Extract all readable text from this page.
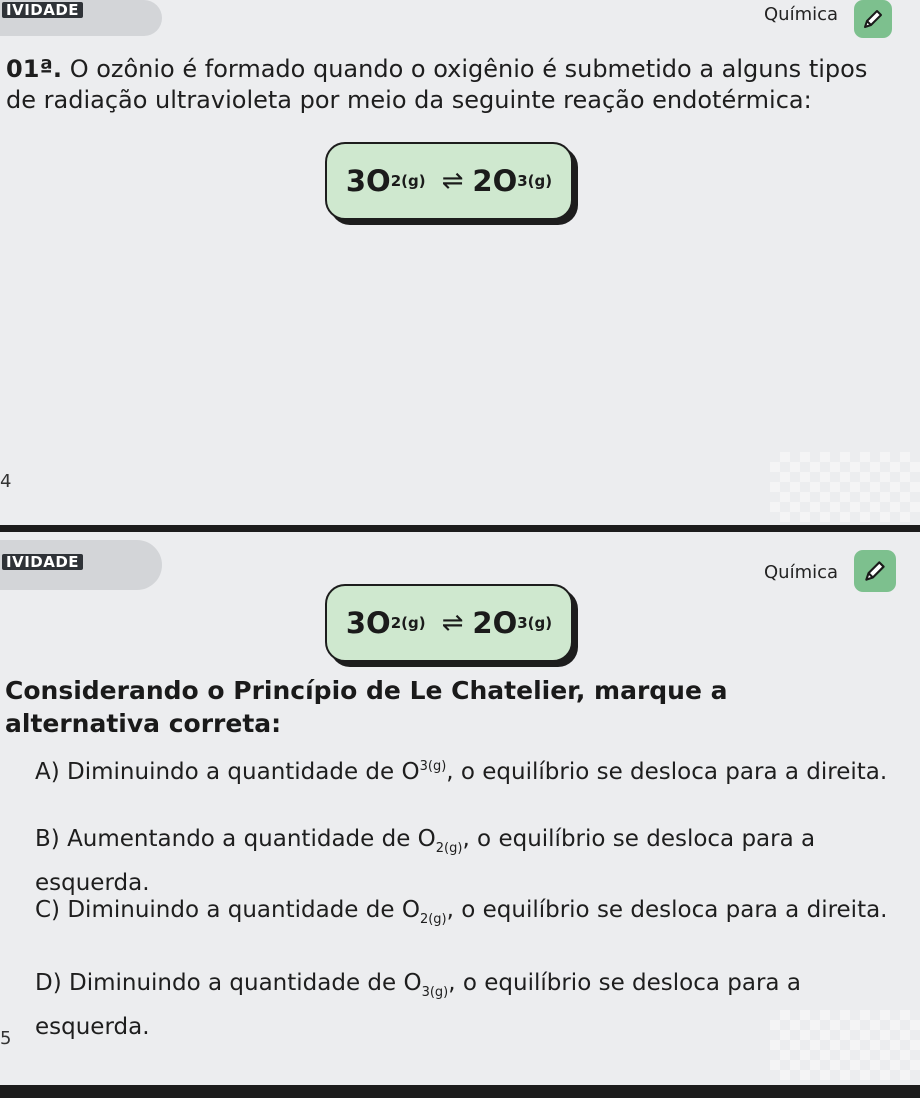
IVIDADE	Química
01ª. O ozônio é formado quando o oxigênio é submetido a alguns tipos de radiação ultravioleta por meio da seguinte reação endotérmica:
3O 2(g) ⇌ 2O 3(g)
4
IVIDADE	Química
3O 2(g) ⇌ 2O 3(g)
Considerando o Princípio de Le Chatelier, marque a alternativa correta:
A) Diminuindo a quantidade de $O^{3(g)}$, o equilíbrio se desloca para a direita.
B) Aumentando a quantidade de $O_{2(g)}$, o equilíbrio se desloca para a esquerda.
C) Diminuindo a quantidade de $O_{2(g)}$, o equilíbrio se desloca para a direita.
D) Diminuindo a quantidade de $O_{3(g)}$, o equilíbrio se desloca para a esquerda.
5
